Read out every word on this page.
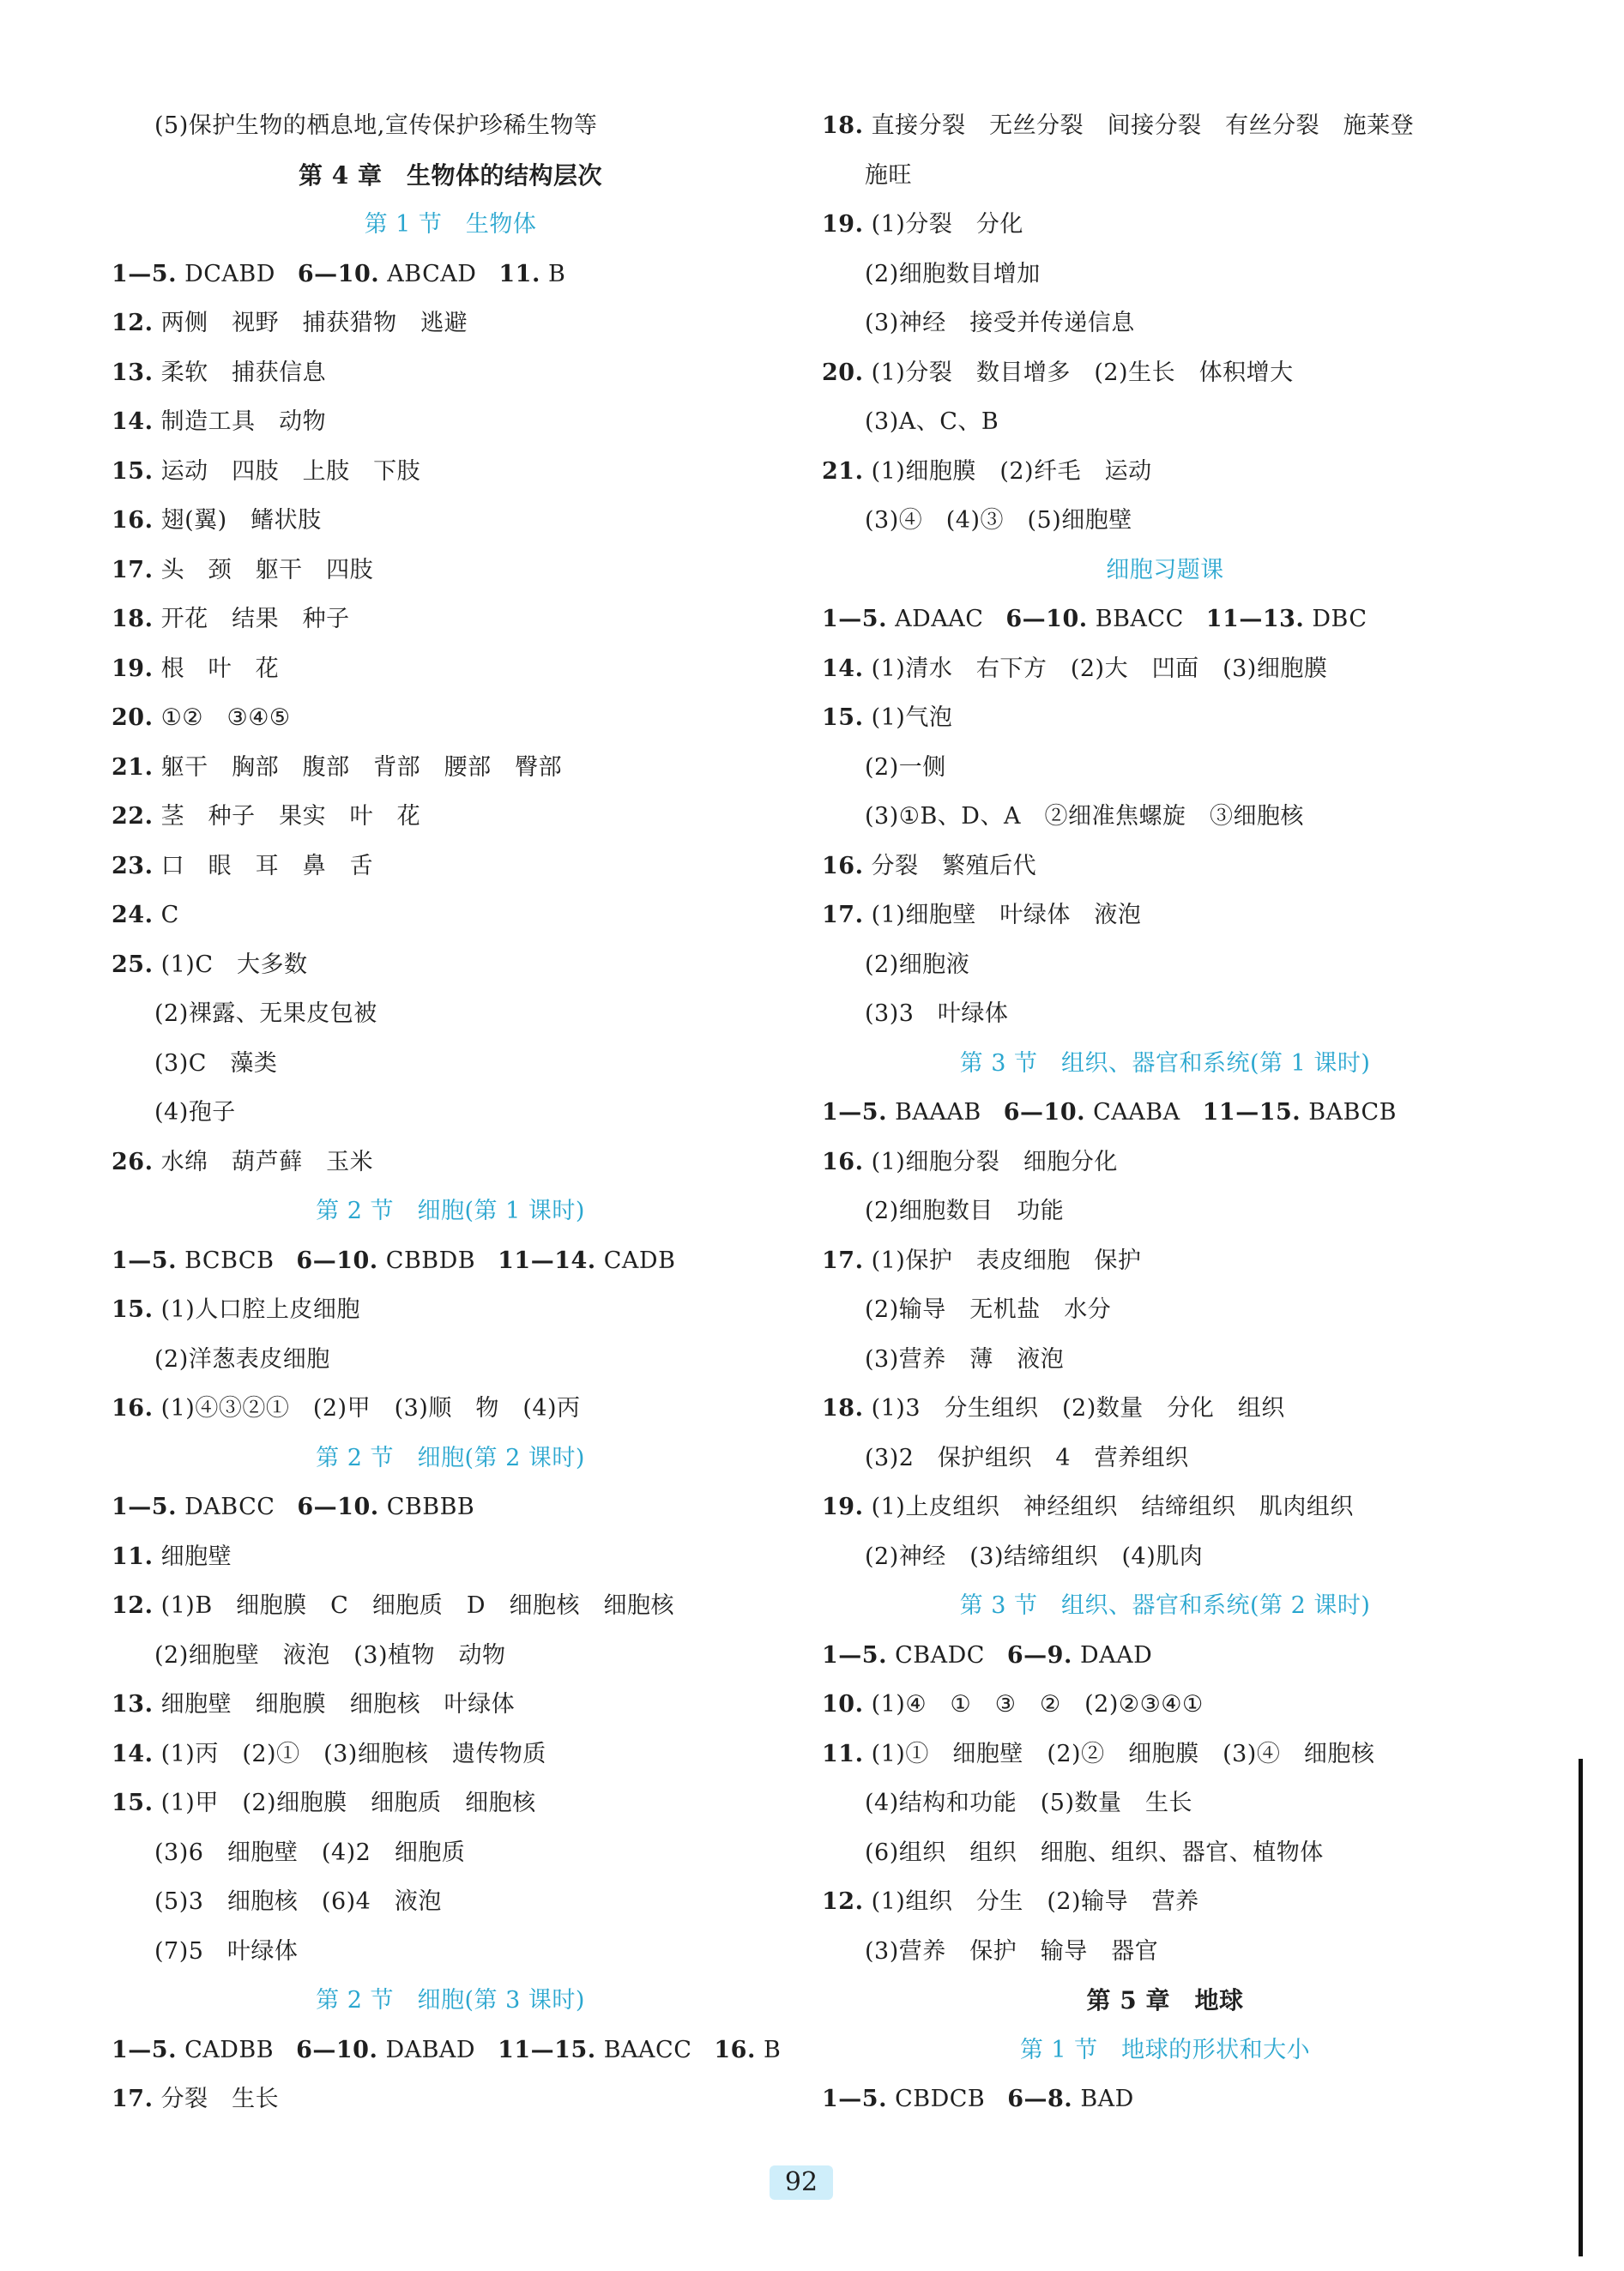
(5)保护生物的栖息地,宣传保护珍稀生物等
第 4 章　生物体的结构层次
第 1 节　生物体
1—5. DCABD 6—10. ABCAD 11. B
12. 两侧　视野　捕获猎物　逃避
13. 柔软　捕获信息
14. 制造工具　动物
15. 运动　四肢　上肢　下肢
16. 翅(翼)　鳍状肢
17. 头　颈　躯干　四肢
18. 开花　结果　种子
19. 根　叶　花
20. ①②　③④⑤
21. 躯干　胸部　腹部　背部　腰部　臀部
22. 茎　种子　果实　叶　花
23. 口　眼　耳　鼻　舌
24. C
25. (1)C　大多数
(2)裸露、无果皮包被
(3)C　藻类
(4)孢子
26. 水绵　葫芦藓　玉米
第 2 节　细胞(第 1 课时)
1—5. BCBCB 6—10. CBBDB 11—14. CADB
15. (1)人口腔上皮细胞
(2)洋葱表皮细胞
16. (1)④③②①　(2)甲　(3)顺　物　(4)丙
第 2 节　细胞(第 2 课时)
1—5. DABCC 6—10. CBBBB
11. 细胞壁
12. (1)B　细胞膜　C　细胞质　D　细胞核　细胞核
(2)细胞壁　液泡　(3)植物　动物
13. 细胞壁　细胞膜　细胞核　叶绿体
14. (1)丙　(2)①　(3)细胞核　遗传物质
15. (1)甲　(2)细胞膜　细胞质　细胞核
(3)6　细胞壁　(4)2　细胞质
(5)3　细胞核　(6)4　液泡
(7)5　叶绿体
第 2 节　细胞(第 3 课时)
1—5. CADBB 6—10. DABAD 11—15. BAACC 16. B
17. 分裂　生长
18. 直接分裂　无丝分裂　间接分裂　有丝分裂　施莱登
施旺
19. (1)分裂　分化
(2)细胞数目增加
(3)神经　接受并传递信息
20. (1)分裂　数目增多　(2)生长　体积增大
(3)A、C、B
21. (1)细胞膜　(2)纤毛　运动
(3)④　(4)③　(5)细胞壁
细胞习题课
1—5. ADAAC 6—10. BBACC 11—13. DBC
14. (1)清水　右下方　(2)大　凹面　(3)细胞膜
15. (1)气泡
(2)一侧
(3)①B、D、A　②细准焦螺旋　③细胞核
16. 分裂　繁殖后代
17. (1)细胞壁　叶绿体　液泡
(2)细胞液
(3)3　叶绿体
第 3 节　组织、器官和系统(第 1 课时)
1—5. BAAAB 6—10. CAABA 11—15. BABCB
16. (1)细胞分裂　细胞分化
(2)细胞数目　功能
17. (1)保护　表皮细胞　保护
(2)输导　无机盐　水分
(3)营养　薄　液泡
18. (1)3　分生组织　(2)数量　分化　组织
(3)2　保护组织　4　营养组织
19. (1)上皮组织　神经组织　结缔组织　肌肉组织
(2)神经　(3)结缔组织　(4)肌肉
第 3 节　组织、器官和系统(第 2 课时)
1—5. CBADC 6—9. DAAD
10. (1)④　①　③　②　(2)②③④①
11. (1)①　细胞壁　(2)②　细胞膜　(3)④　细胞核
(4)结构和功能　(5)数量　生长
(6)组织　组织　细胞、组织、器官、植物体
12. (1)组织　分生　(2)输导　营养
(3)营养　保护　输导　器官
第 5 章　地球
第 1 节　地球的形状和大小
1—5. CBDCB 6—8. BAD
92
